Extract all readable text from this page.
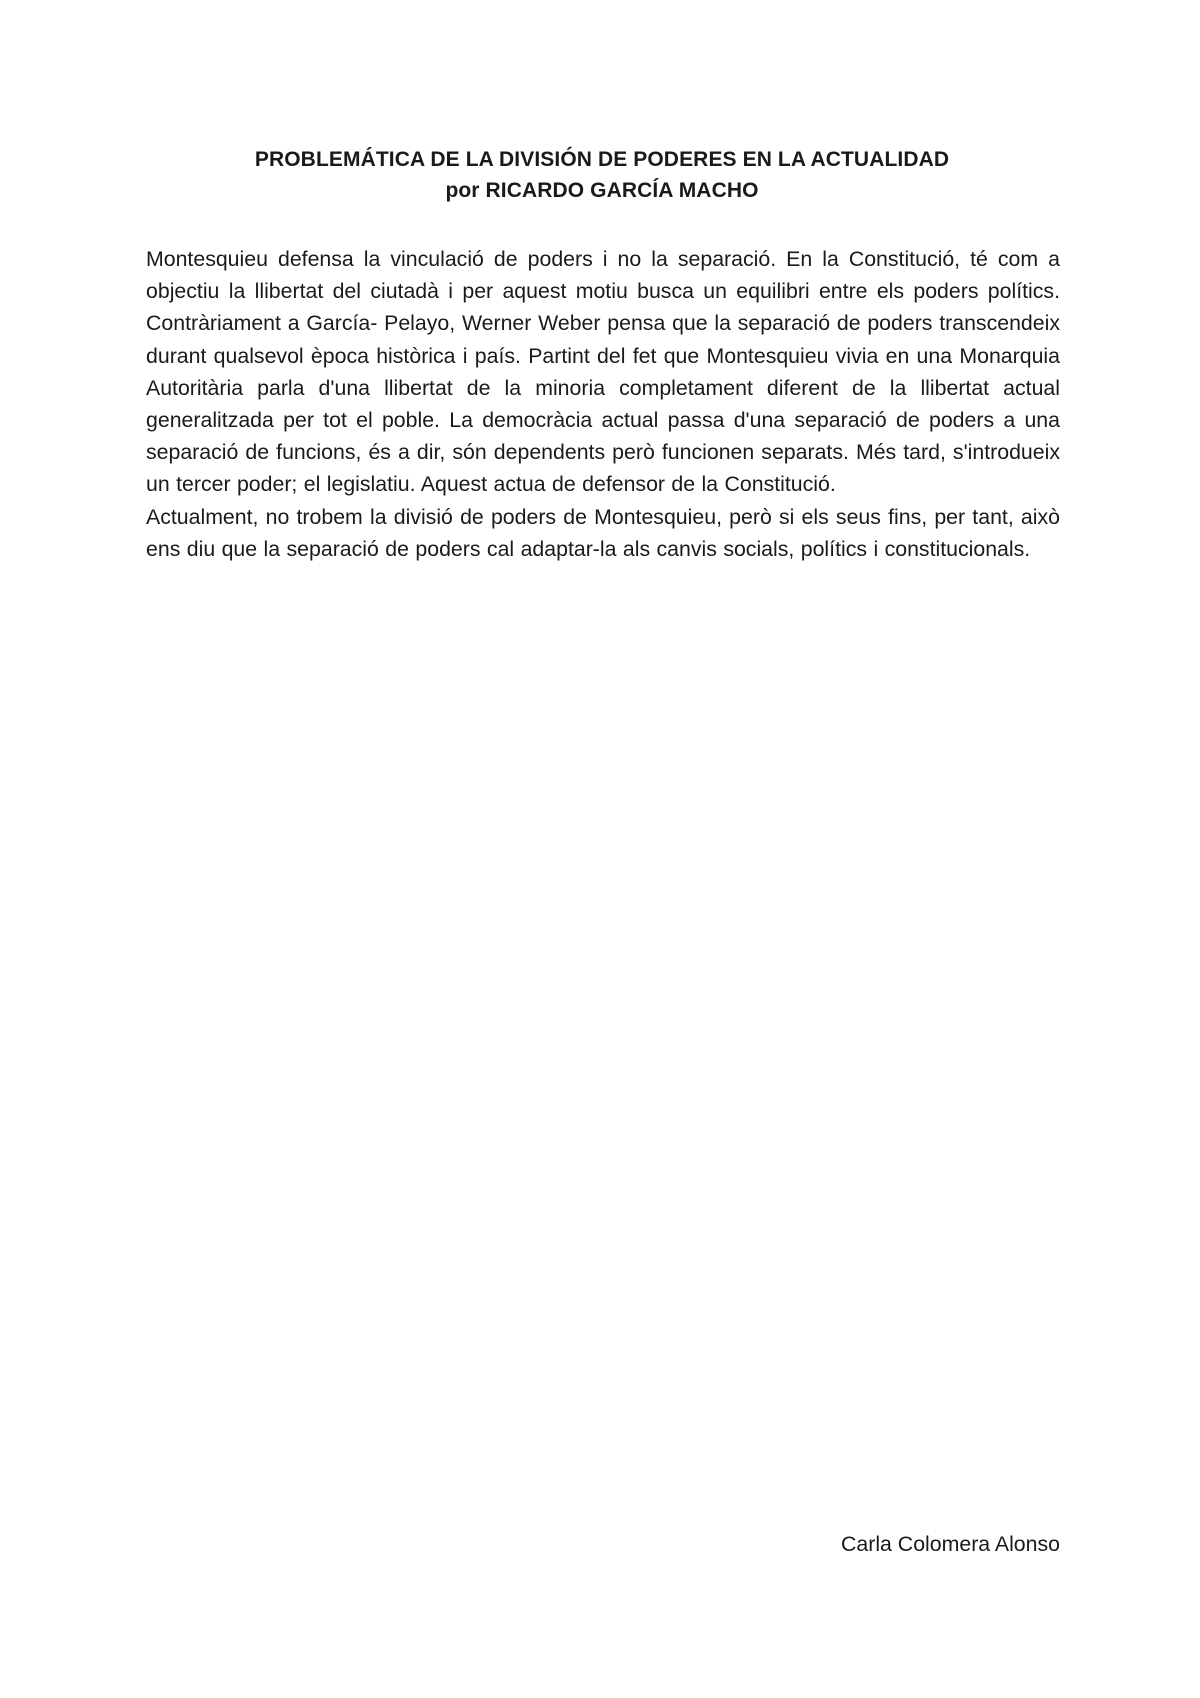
PROBLEMÁTICA DE LA DIVISIÓN DE PODERES EN LA ACTUALIDAD
por RICARDO GARCÍA MACHO

Montesquieu defensa la vinculació de poders i no la separació. En la Constitució, té com a objectiu la llibertat del ciutadà i per aquest motiu busca un equilibri entre els poders polítics. Contràriament a García- Pelayo, Werner Weber pensa que la separació de poders transcendeix durant qualsevol època històrica i país. Partint del fet que Montesquieu vivia en una Monarquia Autoritària parla d'una llibertat de la minoria completament diferent de la llibertat actual generalitzada per tot el poble. La democràcia actual passa d'una separació de poders a una separació de funcions, és a dir, són dependents però funcionen separats. Més tard, s'introdueix un tercer poder; el legislatiu. Aquest actua de defensor de la Constitució.

Actualment, no trobem la divisió de poders de Montesquieu, però si els seus fins, per tant, això ens diu que la separació de poders cal adaptar-la als canvis socials, polítics i constitucionals.

Carla Colomera Alonso
